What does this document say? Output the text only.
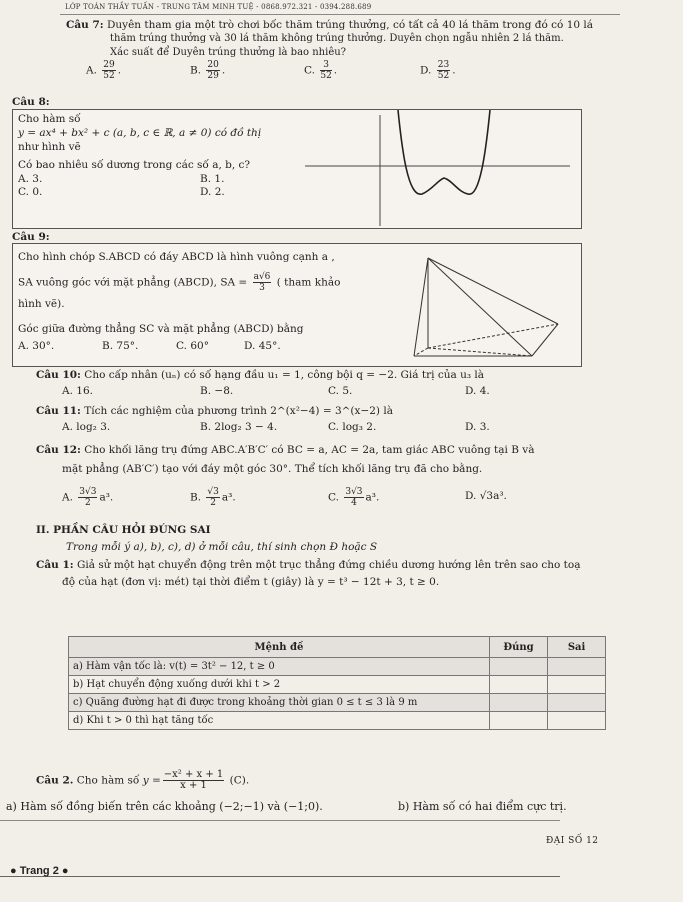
LỚP TOÁN THẦY TUẤN - TRUNG TÂM MINH TUỆ - 0868.972.321 - 0394.288.689
Câu 7: Duyên tham gia một trò chơi bốc thăm trúng thưởng, có tất cả 40 lá thăm trong đó có 10 lá
thăm trúng thưởng và 30 lá thăm không trúng thưởng. Duyên chọn ngẫu nhiên 2 lá thăm.
Xác suất để Duyên trúng thưởng là bao nhiêu?
A. $\frac{29}{52}$ .	B. $\frac{20}{29}$ .	C. $\frac{3}{52}$ .	D. $\frac{23}{52}$ .
Câu 8:
Cho hàm số
y = ax⁴ + bx² + c (a, b, c ∈ ℝ, a ≠ 0) có đồ thị
như hình vẽ
Có bao nhiêu số dương trong các số a, b, c?
A. 3.	B. 1.
C. 0.	D. 2.
Câu 9:
Cho hình chóp S.ABCD có đáy ABCD là hình vuông cạnh a ,
SA vuông góc với mặt phẳng (ABCD), SA = $\frac{a√6}{3}$ ( tham khảo
hình vẽ).
Góc giữa đường thẳng SC và mặt phẳng (ABCD) bằng
A. 30°.	B. 75°.	C. 60°	D. 45°.
Câu 10: Cho cấp nhân (uₙ) có số hạng đầu u₁ = 1, công bội q = −2. Giá trị của u₃ là
A. 16.	B. −8.	C. 5.	D. 4.
Câu 11: Tích các nghiệm của phương trình 2^(x²−4) = 3^(x−2) là
A. log₂ 3.	B. 2log₂ 3 − 4.	C. log₃ 2.	D. 3.
Câu 12: Cho khối lăng trụ đứng ABC.A′B′C′ có BC = a, AC = 2a, tam giác ABC vuông tại B và
mặt phẳng (AB′C′) tạo với đáy một góc 30°. Thể tích khối lăng trụ đã cho bằng.
A. $\frac{3√3}{2} a^3$.	B. $\frac{√3}{2} a^3$.	C. $\frac{3√3}{4} a^3$.	D. √3a³.
II. PHẦN CÂU HỎI ĐÚNG SAI
Trong mỗi ý a), b), c), d) ở mỗi câu, thí sinh chọn Đ hoặc S
Câu 1: Giả sử một hạt chuyển động trên một trục thẳng đứng chiều dương hướng lên trên sao cho toạ
độ của hạt (đơn vị: mét) tại thời điểm t (giây) là y = t³ − 12t + 3, t ≥ 0.
Mệnh đề	Đúng	Sai
a) Hàm vận tốc là: v(t) = 3t² − 12, t ≥ 0		
b) Hạt chuyển động xuống dưới khi t > 2		
c) Quãng đường hạt đi được trong khoảng thời gian 0 ≤ t ≤ 3 là 9 m		
d) Khi t > 0 thì hạt tăng tốc		
Câu 2. Cho hàm số $y = \frac{\text{−x² + x + 1}}{x + 1} (C)$.
a) Hàm số đồng biến trên các khoảng (−2;−1) và (−1;0).	b) Hàm số có hai điểm cực trị.
ĐẠI SỐ 12
● Trang 2 ●
